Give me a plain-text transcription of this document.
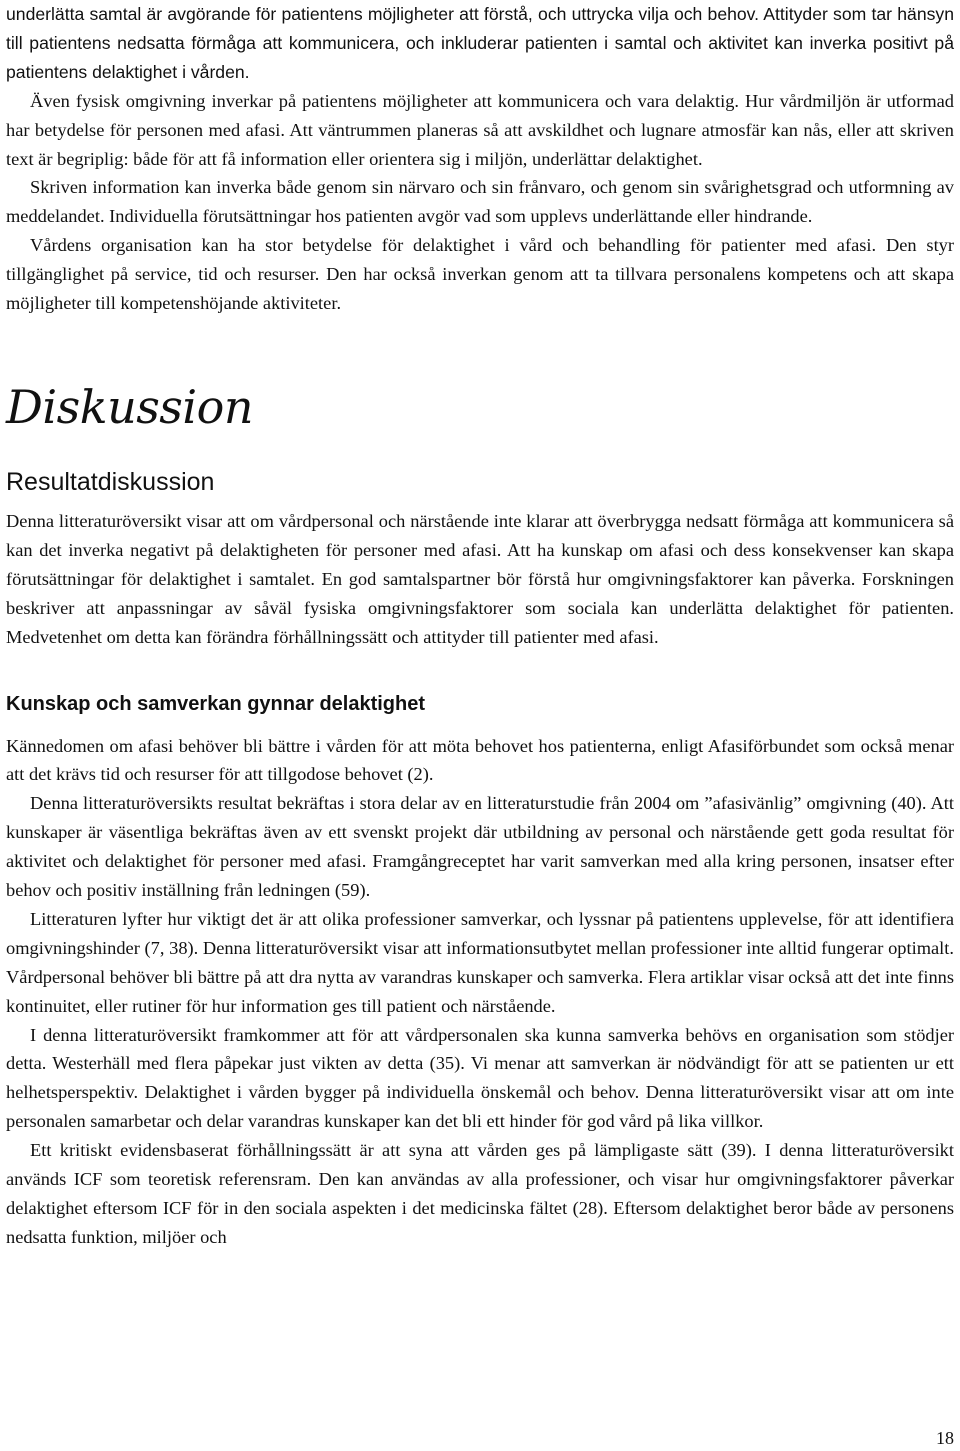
underlätta samtal är avgörande för patientens möjligheter att förstå, och uttrycka vilja och behov. Attityder som tar hänsyn till patientens nedsatta förmåga att kommunicera, och inkluderar patienten i samtal och aktivitet kan inverka positivt på patientens delaktighet i vården.

Även fysisk omgivning inverkar på patientens möjligheter att kommunicera och vara delaktig. Hur vårdmiljön är utformad har betydelse för personen med afasi. Att väntrummen planeras så att avskildhet och lugnare atmosfär kan nås, eller att skriven text är begriplig: både för att få information eller orientera sig i miljön, underlättar delaktighet.

Skriven information kan inverka både genom sin närvaro och sin frånvaro, och genom sin svårighetsgrad och utformning av meddelandet. Individuella förutsättningar hos patienten avgör vad som upplevs underlättande eller hindrande.

Vårdens organisation kan ha stor betydelse för delaktighet i vård och behandling för patienter med afasi. Den styr tillgänglighet på service, tid och resurser. Den har också inverkan genom att ta tillvara personalens kompetens och att skapa möjligheter till kompetenshöjande aktiviteter.

Diskussion
Resultatdiskussion

Denna litteraturöversikt visar att om vårdpersonal och närstående inte klarar att överbrygga nedsatt förmåga att kommunicera så kan det inverka negativt på delaktigheten för personer med afasi. Att ha kunskap om afasi och dess konsekvenser kan skapa förutsättningar för delaktighet i samtalet. En god samtalspartner bör förstå hur omgivningsfaktorer kan påverka. Forskningen beskriver att anpassningar av såväl fysiska omgivningsfaktorer som sociala kan underlätta delaktighet för patienten. Medvetenhet om detta kan förändra förhållningssätt och attityder till patienter med afasi.

Kunskap och samverkan gynnar delaktighet

Kännedomen om afasi behöver bli bättre i vården för att möta behovet hos patienterna, enligt Afasiförbundet som också menar att det krävs tid och resurser för att tillgodose behovet (2).

Denna litteraturöversikts resultat bekräftas i stora delar av en litteraturstudie från 2004 om ”afasivänlig” omgivning (40). Att kunskaper är väsentliga bekräftas även av ett svenskt projekt där utbildning av personal och närstående gett goda resultat för aktivitet och delaktighet för personer med afasi. Framgångreceptet har varit samverkan med alla kring personen, insatser efter behov och positiv inställning från ledningen (59).

Litteraturen lyfter hur viktigt det är att olika professioner samverkar, och lyssnar på patientens upplevelse, för att identifiera omgivningshinder (7, 38). Denna litteraturöversikt visar att informationsutbytet mellan professioner inte alltid fungerar optimalt. Vårdpersonal behöver bli bättre på att dra nytta av varandras kunskaper och samverka. Flera artiklar visar också att det inte finns kontinuitet, eller rutiner för hur information ges till patient och närstående.

I denna litteraturöversikt framkommer att för att vårdpersonalen ska kunna samverka behövs en organisation som stödjer detta. Westerhäll med flera påpekar just vikten av detta (35). Vi menar att samverkan är nödvändigt för att se patienten ur ett helhetsperspektiv. Delaktighet i vården bygger på individuella önskemål och behov. Denna litteraturöversikt visar att om inte personalen samarbetar och delar varandras kunskaper kan det bli ett hinder för god vård på lika villkor.

Ett kritiskt evidensbaserat förhållningssätt är att syna att vården ges på lämpligaste sätt (39). I denna litteraturöversikt används ICF som teoretisk referensram. Den kan användas av alla professioner, och visar hur omgivningsfaktorer påverkar delaktighet eftersom ICF för in den sociala aspekten i det medicinska fältet (28). Eftersom delaktighet beror både av personens nedsatta funktion, miljöer och

18
